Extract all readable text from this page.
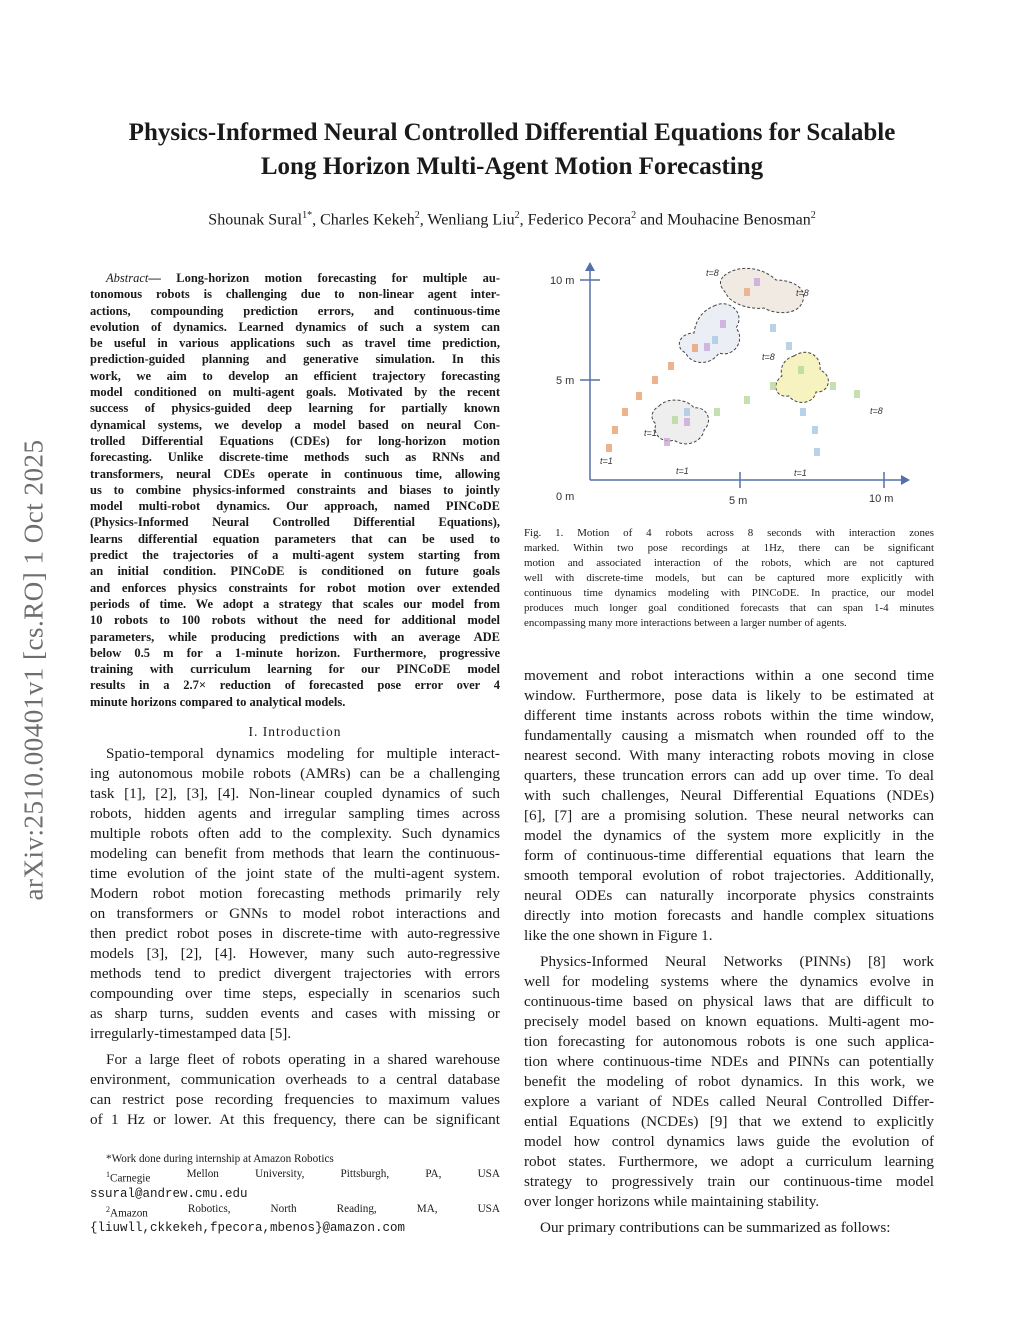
arXiv:2510.00401v1 [cs.RO] 1 Oct 2025
Physics-Informed Neural Controlled Differential Equations for Scalable
Long Horizon Multi-Agent Motion Forecasting
Shounak Sural$^{1*}$, Charles Kekeh$^2$, Wenliang Liu$^2$, Federico Pecora$^2$ and Mouhacine Benosman$^2$

Abstract— Long-horizon motion forecasting for multiple au-

tonomous robots is challenging due to non-linear agent inter-

actions, compounding prediction errors, and continuous-time

evolution of dynamics. Learned dynamics of such a system can

be useful in various applications such as travel time prediction,

prediction-guided planning and generative simulation. In this

work, we aim to develop an efficient trajectory forecasting

model conditioned on multi-agent goals. Motivated by the recent

success of physics-guided deep learning for partially known

dynamical systems, we develop a model based on neural Con-

trolled Differential Equations (CDEs) for long-horizon motion

forecasting. Unlike discrete-time methods such as RNNs and

transformers, neural CDEs operate in continuous time, allowing

us to combine physics-informed constraints and biases to jointly

model multi-robot dynamics. Our approach, named PINCoDE

(Physics-Informed Neural Controlled Differential Equations),

learns differential equation parameters that can be used to

predict the trajectories of a multi-agent system starting from

an initial condition. PINCoDE is conditioned on future goals

and enforces physics constraints for robot motion over extended

periods of time. We adopt a strategy that scales our model from

10 robots to 100 robots without the need for additional model

parameters, while producing predictions with an average ADE

below 0.5 m for a 1-minute horizon. Furthermore, progressive

training with curriculum learning for our PINCoDE model

results in a 2.7× reduction of forecasted pose error over 4

minute horizons compared to analytical models.

I. Introduction

Spatio-temporal dynamics modeling for multiple interact-

ing autonomous mobile robots (AMRs) can be a challenging

task [1], [2], [3], [4]. Non-linear coupled dynamics of such

robots, hidden agents and irregular sampling times across

multiple robots often add to the complexity. Such dynamics

modeling can benefit from methods that learn the continuous-

time evolution of the joint state of the multi-agent system.

Modern robot motion forecasting methods primarily rely

on transformers or GNNs to model robot interactions and

then predict robot poses in discrete-time with auto-regressive

models [3], [2], [4]. However, many such auto-regressive

methods tend to predict divergent trajectories with errors

compounding over time steps, especially in scenarios such

as sharp turns, sudden events and cases with missing or

irregularly-timestamped data [5].

For a large fleet of robots operating in a shared warehouse

environment, communication overheads to a central database

can restrict pose recording frequencies to maximum values

of 1 Hz or lower. At this frequency, there can be significant

*Work done during internship at Amazon Robotics
$^1$Carnegie	Mellon	University,	Pittsburgh,	PA,	USA
ssural@andrew.cmu.edu
$^2$Amazon	Robotics,	North	Reading,	MA,	USA
{liuwll,ckkekeh,fpecora,mbenos}@amazon.com
10 m
5 m
0 m	5 m	10 m
t=8
t=8
t=8
t=8
t=1
t=1
t=1	t=1

Fig. 1. Motion of 4 robots across 8 seconds with interaction zones

marked. Within two pose recordings at 1Hz, there can be significant

motion and associated interaction of the robots, which are not captured

well with discrete-time models, but can be captured more explicitly with

continuous time dynamics modeling with PINCoDE. In practice, our model

produces much longer goal conditioned forecasts that can span 1-4 minutes

encompassing many more interactions between a larger number of agents.

movement and robot interactions within a one second time

window. Furthermore, pose data is likely to be estimated at

different time instants across robots within the time window,

fundamentally causing a mismatch when rounded off to the

nearest second. With many interacting robots moving in close

quarters, these truncation errors can add up over time. To deal

with such challenges, Neural Differential Equations (NDEs)

[6], [7] are a promising solution. These neural networks can

model the dynamics of the system more explicitly in the

form of continuous-time differential equations that learn the

smooth temporal evolution of robot trajectories. Additionally,

neural ODEs can naturally incorporate physics constraints

directly into motion forecasts and handle complex situations

like the one shown in Figure 1.

Physics-Informed Neural Networks (PINNs) [8] work

well for modeling systems where the dynamics evolve in

continuous-time based on physical laws that are difficult to

precisely model based on known equations. Multi-agent mo-

tion forecasting for autonomous robots is one such applica-

tion where continuous-time NDEs and PINNs can potentially

benefit the modeling of robot dynamics. In this work, we

explore a variant of NDEs called Neural Controlled Differ-

ential Equations (NCDEs) [9] that we extend to explicitly

model how control dynamics laws guide the evolution of

robot states. Furthermore, we adopt a curriculum learning

strategy to progressively train our continuous-time model

over longer horizons while maintaining stability.

Our primary contributions can be summarized as follows:
